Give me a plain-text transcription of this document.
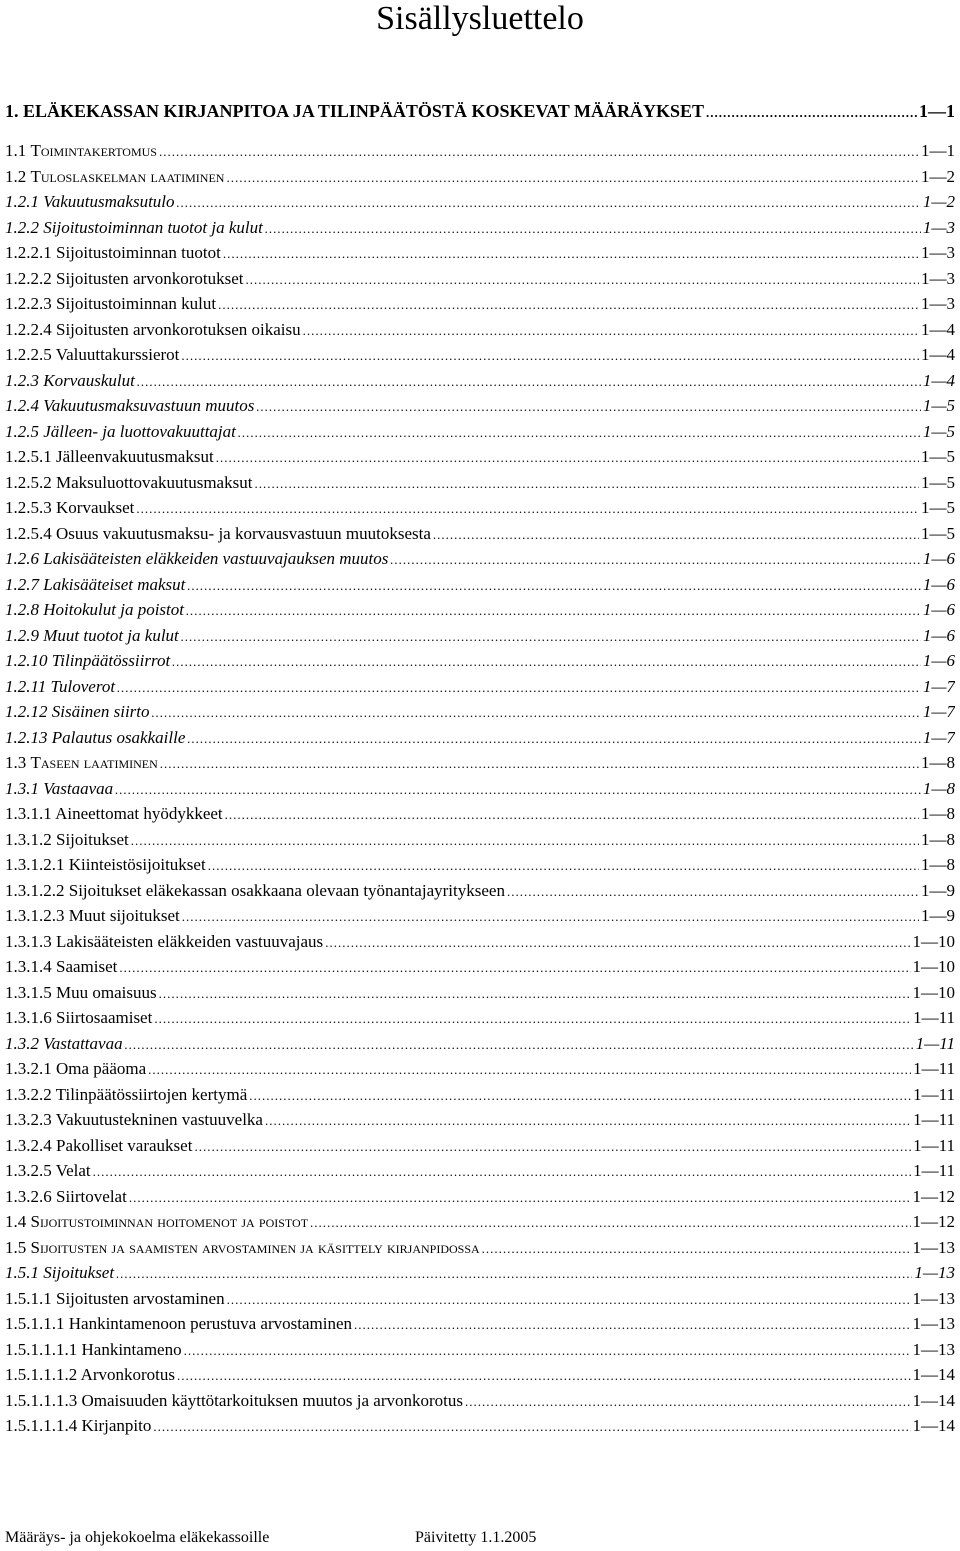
Sisällysluettelo
1. ELÄKEKASSAN KIRJANPITOA JA TILINPÄÄTÖSTÄ KOSKEVAT MÄÄRÄYKSET .....	1—1
1.1 Toimintakertomus .....	1—1
1.2 Tuloslaskelman laatiminen .....	1—2
1.2.1 Vakuutusmaksutulo .....	1—2
1.2.2 Sijoitustoiminnan tuotot ja kulut .....	1—3
1.2.2.1 Sijoitustoiminnan tuotot .....	1—3
1.2.2.2 Sijoitusten arvonkorotukset .....	1—3
1.2.2.3 Sijoitustoiminnan kulut .....	1—3
1.2.2.4 Sijoitusten arvonkorotuksen oikaisu .....	1—4
1.2.2.5 Valuuttakurssierot .....	1—4
1.2.3 Korvauskulut .....	1—4
1.2.4 Vakuutusmaksuvastuun muutos .....	1—5
1.2.5 Jälleen- ja luottovakuuttajat .....	1—5
1.2.5.1 Jälleenvakuutusmaksut .....	1—5
1.2.5.2 Maksuluottovakuutusmaksut .....	1—5
1.2.5.3 Korvaukset .....	1—5
1.2.5.4 Osuus vakuutusmaksu- ja korvausvastuun muutoksesta .....	1—5
1.2.6 Lakisääteisten eläkkeiden vastuuvajauksen muutos .....	1—6
1.2.7 Lakisääteiset maksut .....	1—6
1.2.8 Hoitokulut ja poistot .....	1—6
1.2.9 Muut tuotot ja kulut .....	1—6
1.2.10 Tilinpäätössiirrot .....	1—6
1.2.11 Tuloverot .....	1—7
1.2.12 Sisäinen siirto .....	1—7
1.2.13 Palautus osakkaille .....	1—7
1.3 Taseen laatiminen .....	1—8
1.3.1 Vastaavaa .....	1—8
1.3.1.1 Aineettomat hyödykkeet .....	1—8
1.3.1.2 Sijoitukset .....	1—8
1.3.1.2.1 Kiinteistösijoitukset .....	1—8
1.3.1.2.2 Sijoitukset eläkekassan osakkaana olevaan työnantajayritykseen .....	1—9
1.3.1.2.3 Muut sijoitukset .....	1—9
1.3.1.3 Lakisääteisten eläkkeiden vastuuvajaus .....	1—10
1.3.1.4 Saamiset .....	1—10
1.3.1.5 Muu omaisuus .....	1—10
1.3.1.6 Siirtosaamiset .....	1—11
1.3.2 Vastattavaa .....	1—11
1.3.2.1 Oma pääoma .....	1—11
1.3.2.2 Tilinpäätössiirtojen kertymä .....	1—11
1.3.2.3 Vakuutustekninen vastuuvelka .....	1—11
1.3.2.4 Pakolliset varaukset .....	1—11
1.3.2.5 Velat .....	1—11
1.3.2.6 Siirtovelat .....	1—12
1.4 Sijoitustoiminnan hoitomenot ja poistot .....	1—12
1.5 Sijoitusten ja saamisten arvostaminen ja käsittely kirjanpidossa .....	1—13
1.5.1 Sijoitukset .....	1—13
1.5.1.1 Sijoitusten arvostaminen .....	1—13
1.5.1.1.1 Hankintamenoon perustuva arvostaminen .....	1—13
1.5.1.1.1.1 Hankintameno .....	1—13
1.5.1.1.1.2 Arvonkorotus .....	1—14
1.5.1.1.1.3 Omaisuuden käyttötarkoituksen muutos ja arvonkorotus .....	1—14
1.5.1.1.1.4 Kirjanpito .....	1—14
Määräys- ja ohjekokoelma eläkekassoille	Päivitetty 1.1.2005
